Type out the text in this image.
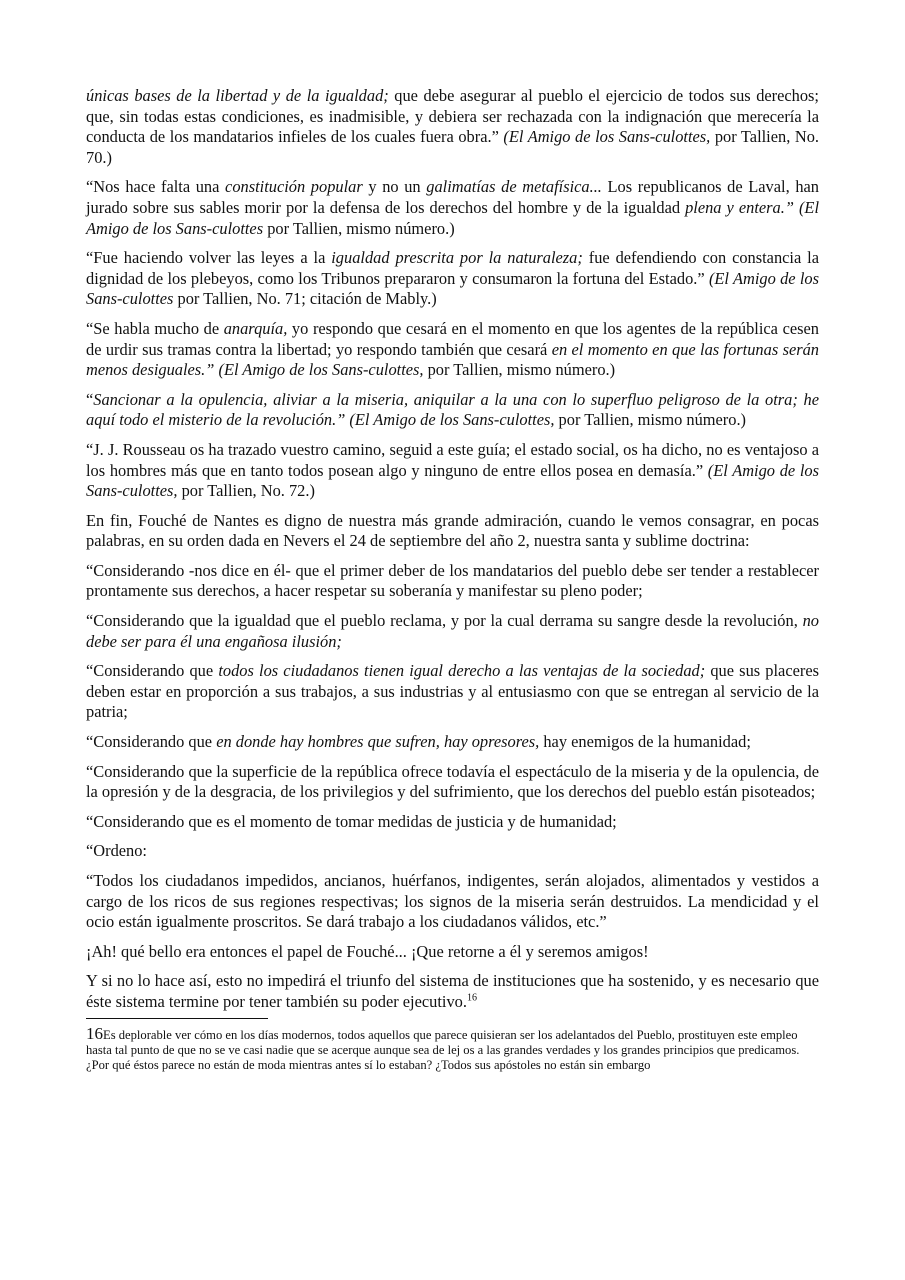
únicas bases de la libertad y de la igualdad; que debe asegurar al pueblo el ejercicio de todos sus derechos; que, sin todas estas condiciones, es inadmisible, y debiera ser rechazada con la indignación que merecería la conducta de los mandatarios infieles de los cuales fuera obra.” (El Amigo de los Sans-culottes, por Tallien, No. 70.)

“Nos hace falta una constitución popular y no un galimatías de metafísica... Los republicanos de Laval, han jurado sobre sus sables morir por la defensa de los derechos del hombre y de la igualdad plena y entera.” (El Amigo de los Sans-culottes por Tallien, mismo número.)

“Fue haciendo volver las leyes a la igualdad prescrita por la naturaleza; fue defendiendo con constancia la dignidad de los plebeyos, como los Tribunos prepararon y consumaron la fortuna del Estado.” (El Amigo de los Sans-culottes por Tallien, No. 71; citación de Mably.)

“Se habla mucho de anarquía, yo respondo que cesará en el momento en que los agentes de la república cesen de urdir sus tramas contra la libertad; yo respondo también que cesará en el momento en que las fortunas serán menos desiguales.” (El Amigo de los Sans-culottes, por Tallien, mismo número.)

“Sancionar a la opulencia, aliviar a la miseria, aniquilar a la una con lo superfluo peligroso de la otra; he aquí todo el misterio de la revolución.” (El Amigo de los Sans-culottes, por Tallien, mismo número.)

“J. J. Rousseau os ha trazado vuestro camino, seguid a este guía; el estado social, os ha dicho, no es ventajoso a los hombres más que en tanto todos posean algo y ninguno de entre ellos posea en demasía.” (El Amigo de los Sans-culottes, por Tallien, No. 72.)

En fin, Fouché de Nantes es digno de nuestra más grande admiración, cuando le vemos consagrar, en pocas palabras, en su orden dada en Nevers el 24 de septiembre del año 2, nuestra santa y sublime doctrina:

“Considerando -nos dice en él- que el primer deber de los mandatarios del pueblo debe ser tender a restablecer prontamente sus derechos, a hacer respetar su soberanía y manifestar su pleno poder;

“Considerando que la igualdad que el pueblo reclama, y por la cual derrama su sangre desde la revolución, no debe ser para él una engañosa ilusión;

“Considerando que todos los ciudadanos tienen igual derecho a las ventajas de la sociedad; que sus placeres deben estar en proporción a sus trabajos, a sus industrias y al entusiasmo con que se entregan al servicio de la patria;

“Considerando que en donde hay hombres que sufren, hay opresores, hay enemigos de la humanidad;

“Considerando que la superficie de la república ofrece todavía el espectáculo de la miseria y de la opulencia, de la opresión y de la desgracia, de los privilegios y del sufrimiento, que los derechos del pueblo están pisoteados;

“Considerando que es el momento de tomar medidas de justicia y de humanidad;

“Ordeno:

“Todos los ciudadanos impedidos, ancianos, huérfanos, indigentes, serán alojados, alimentados y vestidos a cargo de los ricos de sus regiones respectivas; los signos de la miseria serán destruidos. La mendicidad y el ocio están igualmente proscritos. Se dará trabajo a los ciudadanos válidos, etc.”

¡Ah! qué bello era entonces el papel de Fouché... ¡Que retorne a él y seremos amigos!

Y si no lo hace así, esto no impedirá el triunfo del sistema de instituciones que ha sostenido, y es necesario que éste sistema termine por tener también su poder ejecutivo.$^{16}$

16Es deplorable ver cómo en los días modernos, todos aquellos que parece quisieran ser los adelantados del Pueblo, prostituyen este empleo hasta tal punto de que no se ve casi nadie que se acerque aunque sea de lej os a las grandes verdades y los grandes principios que predicamos. ¿Por qué éstos parece no están de moda mientras antes sí lo estaban? ¿Todos sus apóstoles no están sin embargo
